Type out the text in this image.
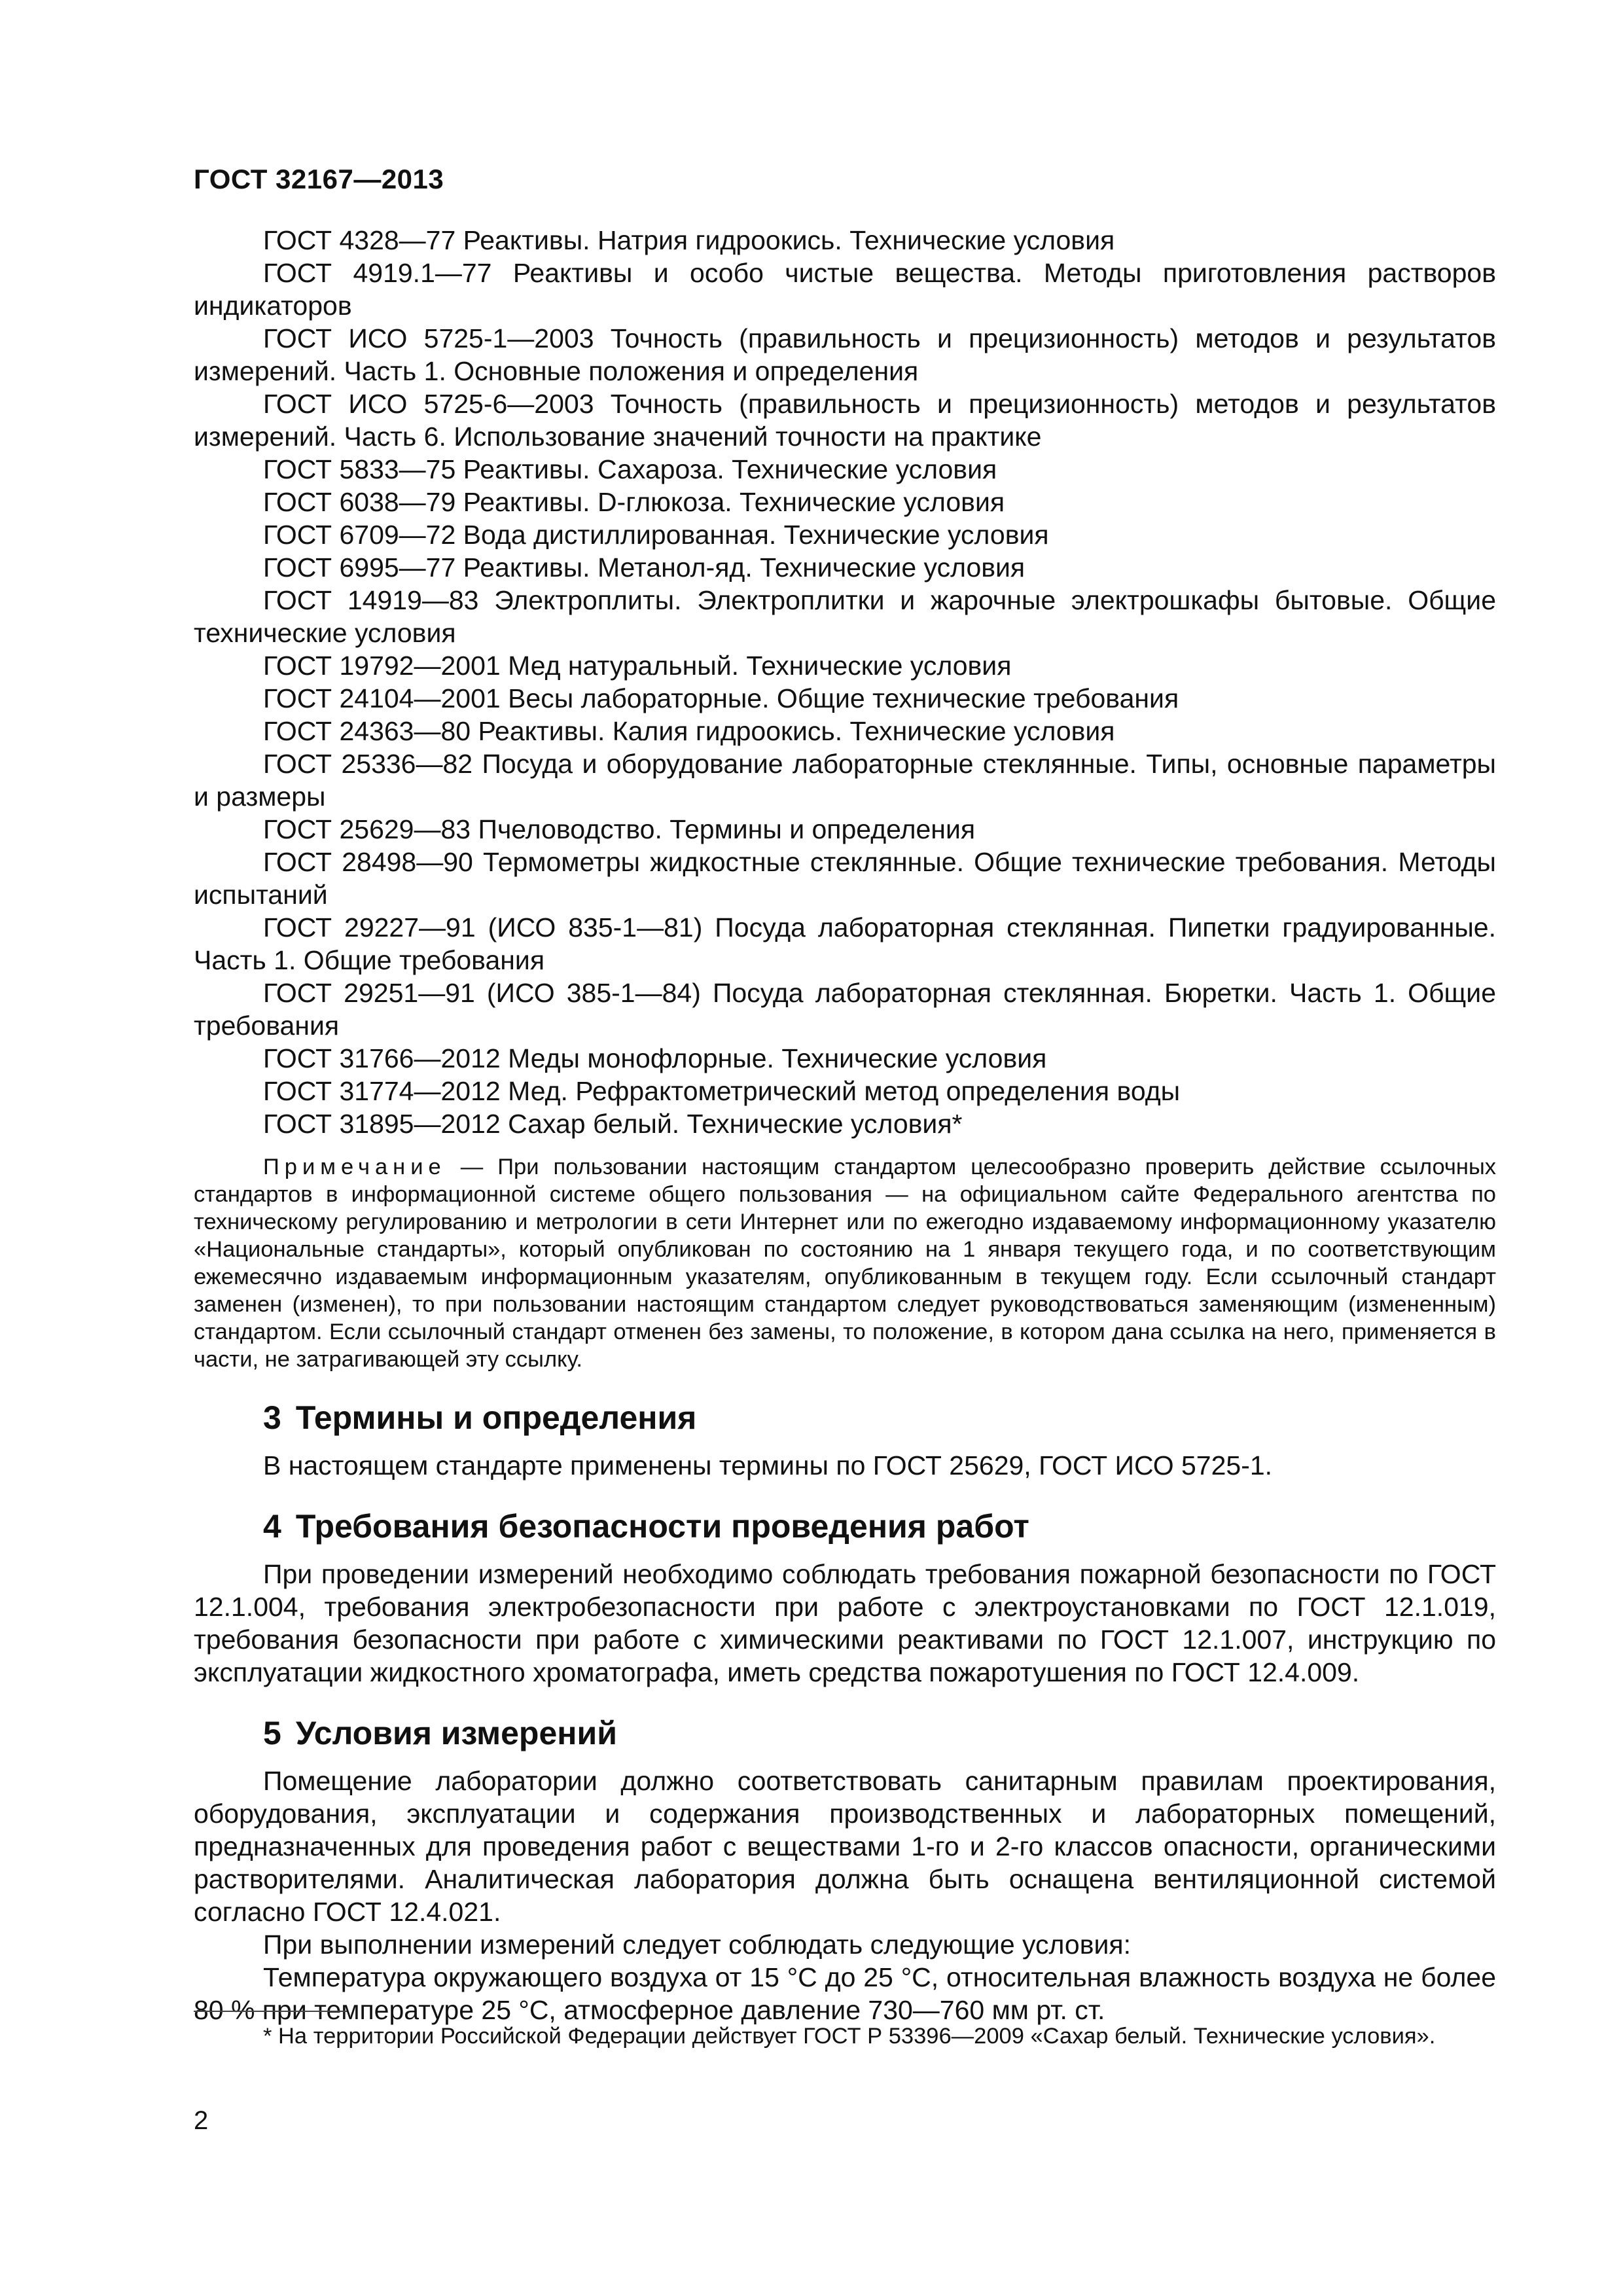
ГОСТ 32167—2013

ГОСТ 4328—77 Реактивы. Натрия гидроокись. Технические условия

ГОСТ 4919.1—77 Реактивы и особо чистые вещества. Методы приготовления растворов индикаторов

ГОСТ ИСО 5725-1—2003 Точность (правильность и прецизионность) методов и результатов измерений. Часть 1. Основные положения и определения

ГОСТ ИСО 5725-6—2003 Точность (правильность и прецизионность) методов и результатов измерений. Часть 6. Использование значений точности на практике

ГОСТ 5833—75 Реактивы. Сахароза. Технические условия

ГОСТ 6038—79 Реактивы. D-глюкоза. Технические условия

ГОСТ 6709—72 Вода дистиллированная. Технические условия

ГОСТ 6995—77 Реактивы. Метанол-яд. Технические условия

ГОСТ 14919—83 Электроплиты. Электроплитки и жарочные электрошкафы бытовые. Общие технические условия

ГОСТ 19792—2001 Мед натуральный. Технические условия

ГОСТ 24104—2001 Весы лабораторные. Общие технические требования

ГОСТ 24363—80 Реактивы. Калия гидроокись. Технические условия

ГОСТ 25336—82 Посуда и оборудование лабораторные стеклянные. Типы, основные параметры и размеры

ГОСТ 25629—83 Пчеловодство. Термины и определения

ГОСТ 28498—90 Термометры жидкостные стеклянные. Общие технические требования. Методы испытаний

ГОСТ 29227—91 (ИСО 835-1—81) Посуда лабораторная стеклянная. Пипетки градуированные. Часть 1. Общие требования

ГОСТ 29251—91 (ИСО 385-1—84) Посуда лабораторная стеклянная. Бюретки. Часть 1. Общие требования

ГОСТ 31766—2012 Меды монофлорные. Технические условия

ГОСТ 31774—2012 Мед. Рефрактометрический метод определения воды

ГОСТ 31895—2012 Сахар белый. Технические условия*

Примечание — При пользовании настоящим стандартом целесообразно проверить действие ссылочных стандартов в информационной системе общего пользования — на официальном сайте Федерального агентства по техническому регулированию и метрологии в сети Интернет или по ежегодно издаваемому информационному указателю «Национальные стандарты», который опубликован по состоянию на 1 января текущего года, и по соответствующим ежемесячно издаваемым информационным указателям, опубликованным в текущем году. Если ссылочный стандарт заменен (изменен), то при пользовании настоящим стандартом следует руководствоваться заменяющим (измененным) стандартом. Если ссылочный стандарт отменен без замены, то положение, в котором дана ссылка на него, применяется в части, не затрагивающей эту ссылку.

3 Термины и определения

В настоящем стандарте применены термины по ГОСТ 25629, ГОСТ ИСО 5725-1.

4 Требования безопасности проведения работ

При проведении измерений необходимо соблюдать требования пожарной безопасности по ГОСТ 12.1.004, требования электробезопасности при работе с электроустановками по ГОСТ 12.1.019, требования безопасности при работе с химическими реактивами по ГОСТ 12.1.007, инструкцию по эксплуатации жидкостного хроматографа, иметь средства пожаротушения по ГОСТ 12.4.009.

5 Условия измерений

Помещение лаборатории должно соответствовать санитарным правилам проектирования, оборудования, эксплуатации и содержания производственных и лабораторных помещений, предназначенных для проведения работ с веществами 1-го и 2-го классов опасности, органическими растворителями. Аналитическая лаборатория должна быть оснащена вентиляционной системой согласно ГОСТ 12.4.021.

При выполнении измерений следует соблюдать следующие условия:

Температура окружающего воздуха от 15 °С до 25 °С, относительная влажность воздуха не более 80 % при температуре 25 °С, атмосферное давление 730—760 мм рт. ст.

* На территории Российской Федерации действует ГОСТ Р 53396—2009 «Сахар белый. Технические условия».
2
